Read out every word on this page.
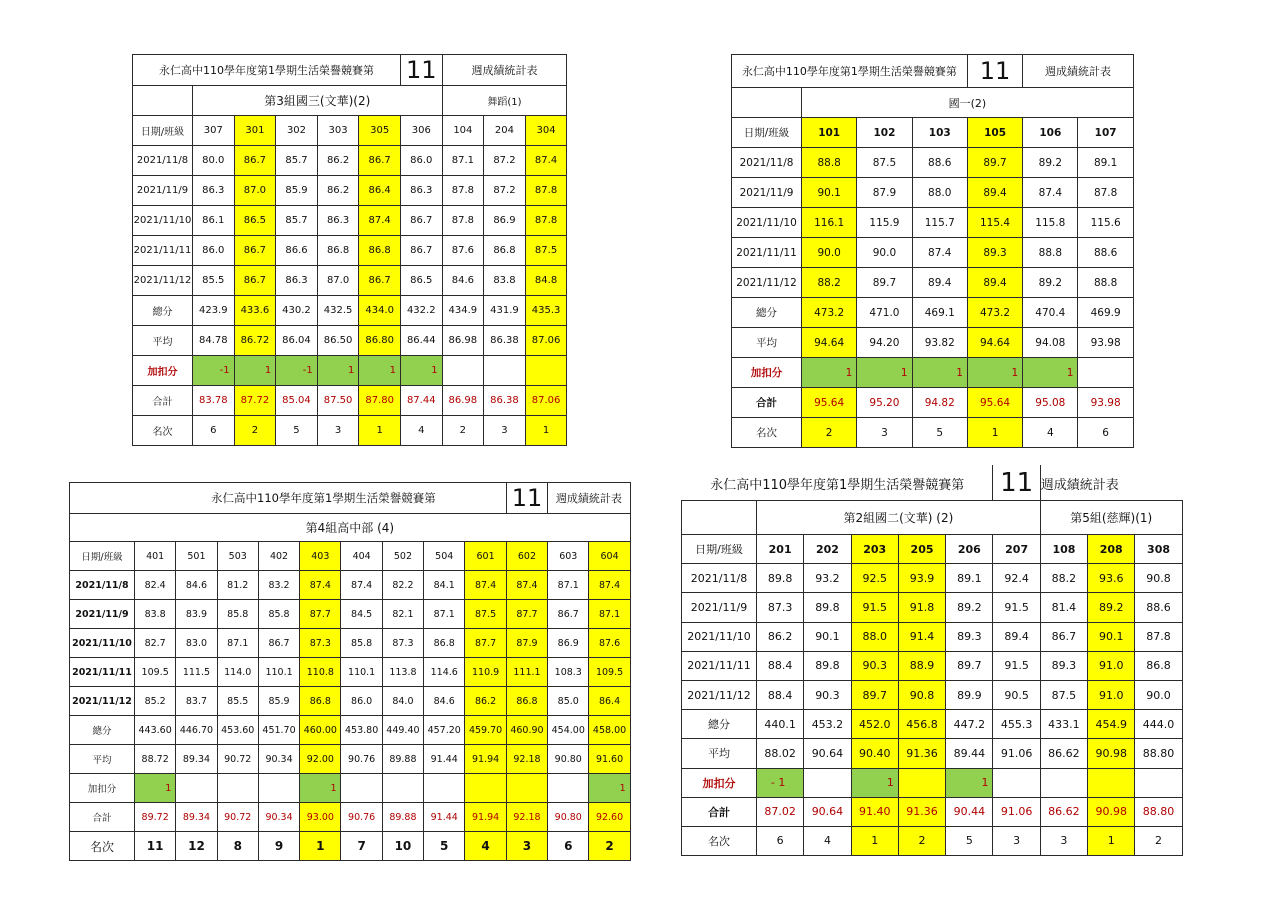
永仁高中110學年度第1學期生活榮譽競賽第						11	週成績統計表		
	第3組國三(文華)(2)						舞蹈(1)		
日期/班級	307	301	302	303	305	306	104	204	304
2021/11/8	80.0	86.7	85.7	86.2	86.7	86.0	87.1	87.2	87.4
2021/11/9	86.3	87.0	85.9	86.2	86.4	86.3	87.8	87.2	87.8
2021/11/10	86.1	86.5	85.7	86.3	87.4	86.7	87.8	86.9	87.8
2021/11/11	86.0	86.7	86.6	86.8	86.8	86.7	87.6	86.8	87.5
2021/11/12	85.5	86.7	86.3	87.0	86.7	86.5	84.6	83.8	84.8
總分	423.9	433.6	430.2	432.5	434.0	432.2	434.9	431.9	435.3
平均	84.78	86.72	86.04	86.50	86.80	86.44	86.98	86.38	87.06
加扣分	-1	1	-1	1	1	1			
合計	83.78	87.72	85.04	87.50	87.80	87.44	86.98	86.38	87.06
名次	6	2	5	3	1	4	2	3	1
永仁高中110學年度第1學期生活榮譽競賽第				11	週成績統計表	
	國一(2)					
日期/班級	101	102	103	105	106	107
2021/11/8	88.8	87.5	88.6	89.7	89.2	89.1
2021/11/9	90.1	87.9	88.0	89.4	87.4	87.8
2021/11/10	116.1	115.9	115.7	115.4	115.8	115.6
2021/11/11	90.0	90.0	87.4	89.3	88.8	88.6
2021/11/12	88.2	89.7	89.4	89.4	89.2	88.8
總分	473.2	471.0	469.1	473.2	470.4	469.9
平均	94.64	94.20	93.82	94.64	94.08	93.98
加扣分	1	1	1	1	1	
合計	95.64	95.20	94.82	95.64	95.08	93.98
名次	2	3	5	1	4	6
永仁高中110學年度第1學期生活榮譽競賽第										11	週成績統計表	
第4組高中部 (4)												
日期/班級	401	501	503	402	403	404	502	504	601	602	603	604
2021/11/8	82.4	84.6	81.2	83.2	87.4	87.4	82.2	84.1	87.4	87.4	87.1	87.4
2021/11/9	83.8	83.9	85.8	85.8	87.7	84.5	82.1	87.1	87.5	87.7	86.7	87.1
2021/11/10	82.7	83.0	87.1	86.7	87.3	85.8	87.3	86.8	87.7	87.9	86.9	87.6
2021/11/11	109.5	111.5	114.0	110.1	110.8	110.1	113.8	114.6	110.9	111.1	108.3	109.5
2021/11/12	85.2	83.7	85.5	85.9	86.8	86.0	84.0	84.6	86.2	86.8	85.0	86.4
總分	443.60	446.70	453.60	451.70	460.00	453.80	449.40	457.20	459.70	460.90	454.00	458.00
平均	88.72	89.34	90.72	90.34	92.00	90.76	89.88	91.44	91.94	92.18	90.80	91.60
加扣分	1				1							1
合計	89.72	89.34	90.72	90.34	93.00	90.76	89.88	91.44	91.94	92.18	90.80	92.60
名次	11	12	8	9	1	7	10	5	4	3	6	2
永仁高中110學年度第1學期生活榮譽競賽第						11	週成績統計表		
	第2組國二(文華) (2)						第5組(慈輝)(1)		
日期/班級	201	202	203	205	206	207	108	208	308
2021/11/8	89.8	93.2	92.5	93.9	89.1	92.4	88.2	93.6	90.8
2021/11/9	87.3	89.8	91.5	91.8	89.2	91.5	81.4	89.2	88.6
2021/11/10	86.2	90.1	88.0	91.4	89.3	89.4	86.7	90.1	87.8
2021/11/11	88.4	89.8	90.3	88.9	89.7	91.5	89.3	91.0	86.8
2021/11/12	88.4	90.3	89.7	90.8	89.9	90.5	87.5	91.0	90.0
總分	440.1	453.2	452.0	456.8	447.2	455.3	433.1	454.9	444.0
平均	88.02	90.64	90.40	91.36	89.44	91.06	86.62	90.98	88.80
加扣分	- 1		1		1				
合計	87.02	90.64	91.40	91.36	90.44	91.06	86.62	90.98	88.80
名次	6	4	1	2	5	3	3	1	2
